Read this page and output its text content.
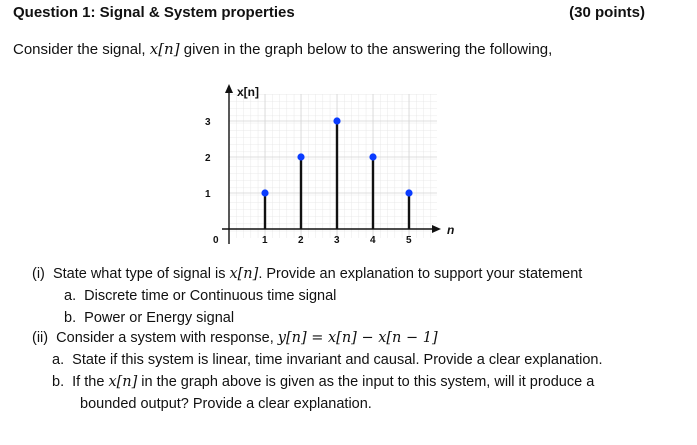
Question 1: Signal & System properties	(30 points)
Consider the signal, x[n] given in the graph below to the answering the following,
x[n]
n
0
1
2
3
1	2	3	4	5
(i) State what type of signal is x[n]. Provide an explanation to support your statement
a. Discrete time or Continuous time signal
b. Power or Energy signal
(ii) Consider a system with response, y[n] = x[n] − x[n − 1]
a. State if this system is linear, time invariant and causal. Provide a clear explanation.
b. If the x[n] in the graph above is given as the input to this system, will it produce a
bounded output? Provide a clear explanation.
